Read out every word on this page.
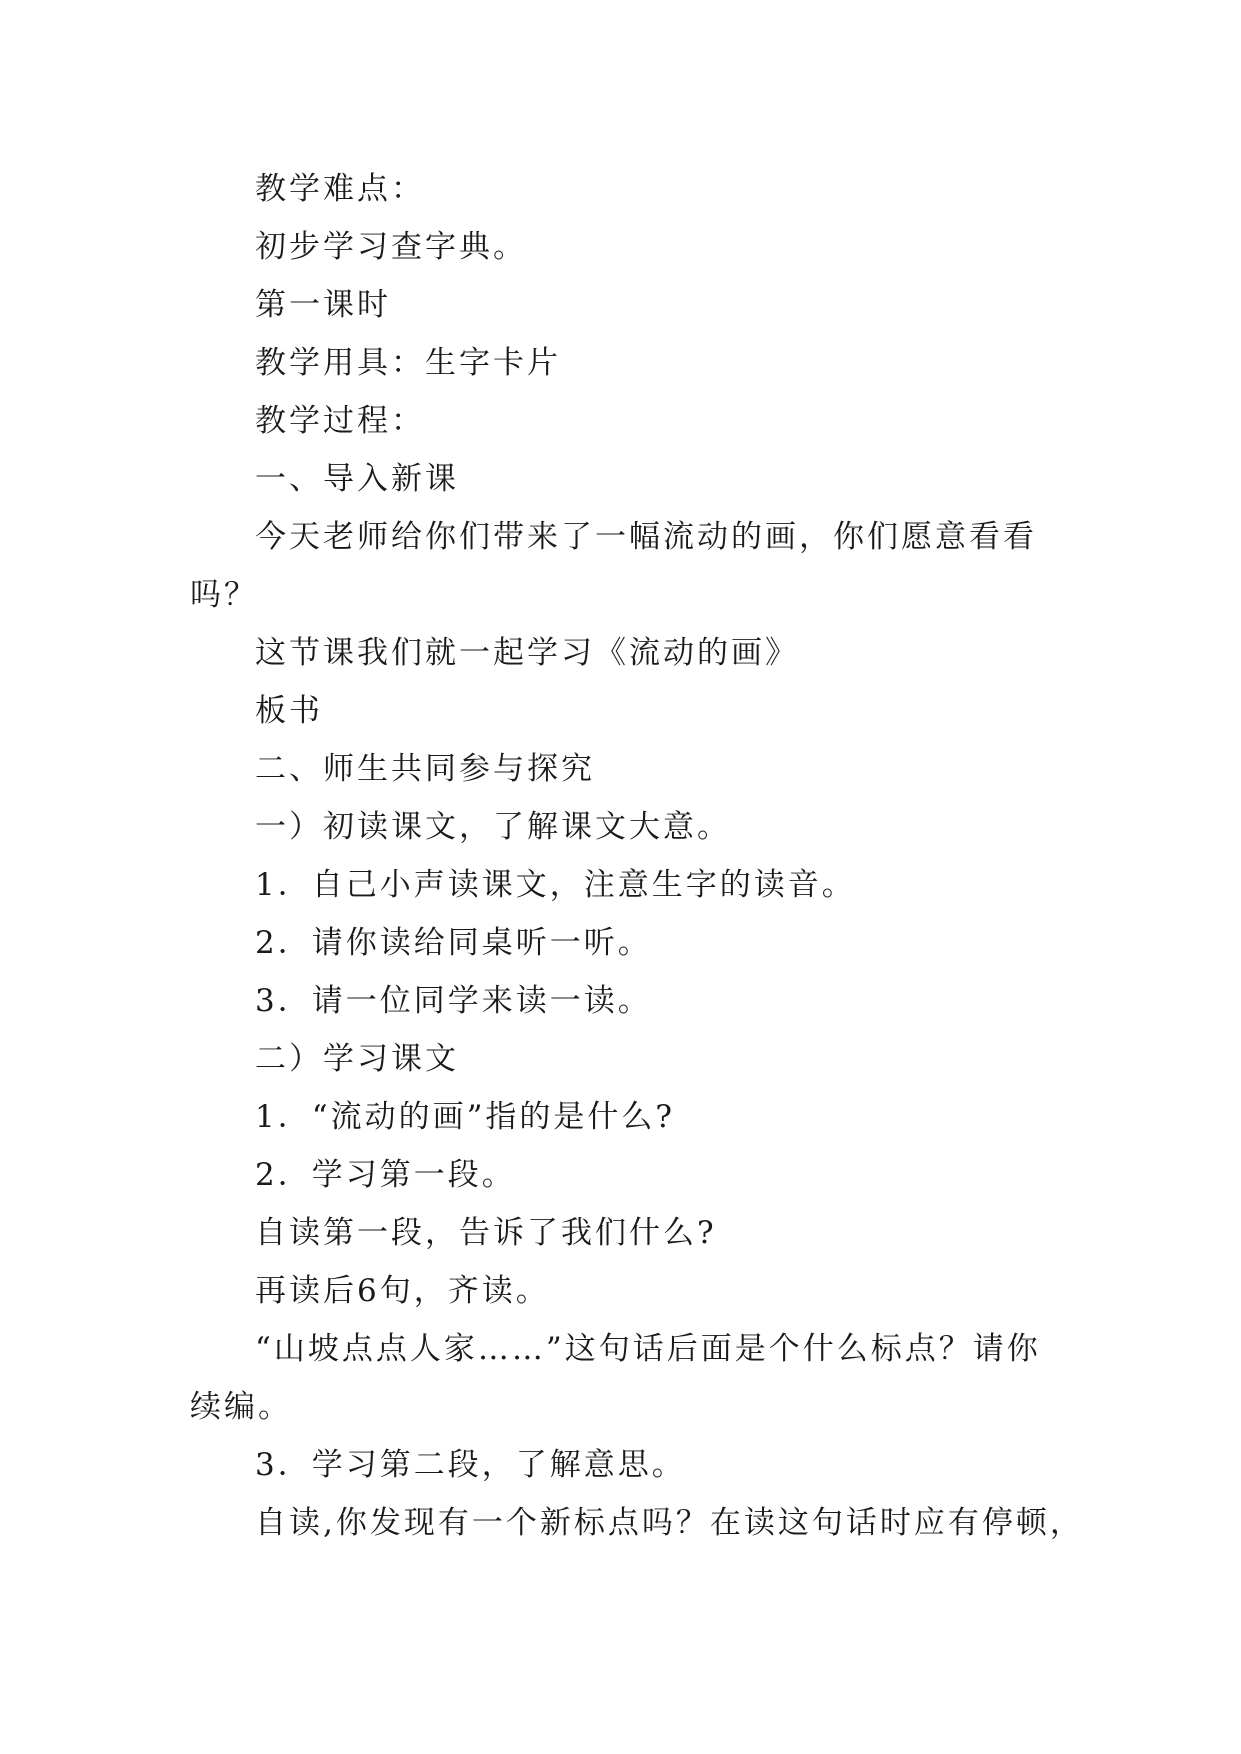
教学难点：
初步学习查字典。
第一课时
教学用具：生字卡片
教学过程：
一、导入新课
今天老师给你们带来了一幅流动的画，你们愿意看看吗？
这节课我们就一起学习《流动的画》
板书
二、师生共同参与探究
一）初读课文，了解课文大意。
1．自己小声读课文，注意生字的读音。
2．请你读给同桌听一听。
3．请一位同学来读一读。
二）学习课文
1．“流动的画”指的是什么?
2．学习第一段。
自读第一段，告诉了我们什么?
再读后6句，齐读。
“山坡点点人家……”这句话后面是个什么标点？请你续编。
3．学习第二段，了解意思。
自读,你发现有一个新标点吗？在读这句话时应有停顿，
